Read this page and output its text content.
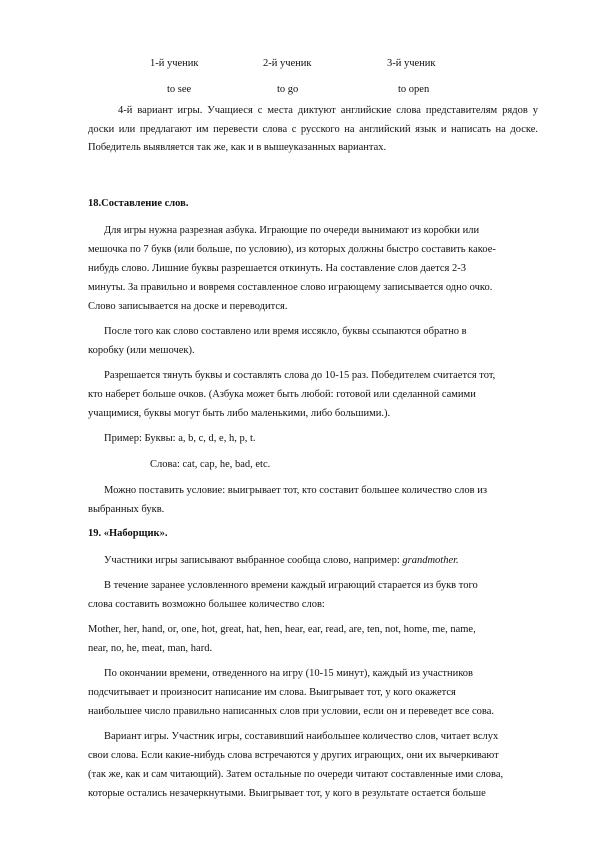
1-й ученик	2-й ученик	3-й ученик
to see	to go	to open

4-й вариант игры. Учащиеся с места диктуют английские слова представителям рядов у доски или предлагают им перевести слова с русского на английский язык и написать на доске. Победитель выявляется так же, как и в вышеуказанных вариантах.

18.Составление слов.

Для игры нужна разрезная азбука. Играющие по очереди вынимают из коробки или
мешочка по 7 букв (или больше, по условию), из которых должны быстро составить какое-
нибудь слово. Лишние буквы разрешается откинуть. На составление слов дается 2-3
минуты. За правильно и вовремя составленное слово играющему записывается одно очко.
Слово записывается на доске и переводится.

После того как слово составлено или время иссякло, буквы ссыпаются обратно в
коробку (или мешочек).

Разрешается тянуть буквы и составлять слова до 10-15 раз. Победителем считается тот,
кто наберет больше очков. (Азбука может быть любой: готовой или сделанной самими
учащимися, буквы могут быть либо маленькими, либо большими.).

Пример: Буквы: a, b, c, d, e, h, p, t.

Слова: cat, cap, he, bad, etc.

Можно поставить условие: выигрывает тот, кто составит большее количество слов из
выбранных букв.

19. «Наборщик».

Участники игры записывают выбранное сообща слово, например: grandmother.

В течение заранее условленного времени каждый играющий старается из букв того
слова составить возможно большее количество слов:

Mother, her, hand, or, one, hot, great, hat, hen, hear, ear, read, are, ten, not, home, me, name,
near, no, he, meat, man, hard.

По окончании времени, отведенного на игру (10-15 минут), каждый из участников
подсчитывает и произносит написание им слова. Выигрывает тот, у кого окажется
наибольшее число правильно написанных слов при условии, если он и переведет все сова.

Вариант игры. Участник игры, составивший наибольшее количество слов, читает вслух
свои слова. Если какие-нибудь слова встречаются у других играющих, они их вычеркивают
(так же, как и сам читающий). Затем остальные по очереди читают составленные ими слова,
которые остались незачеркнутыми. Выигрывает тот, у кого в результате остается больше
